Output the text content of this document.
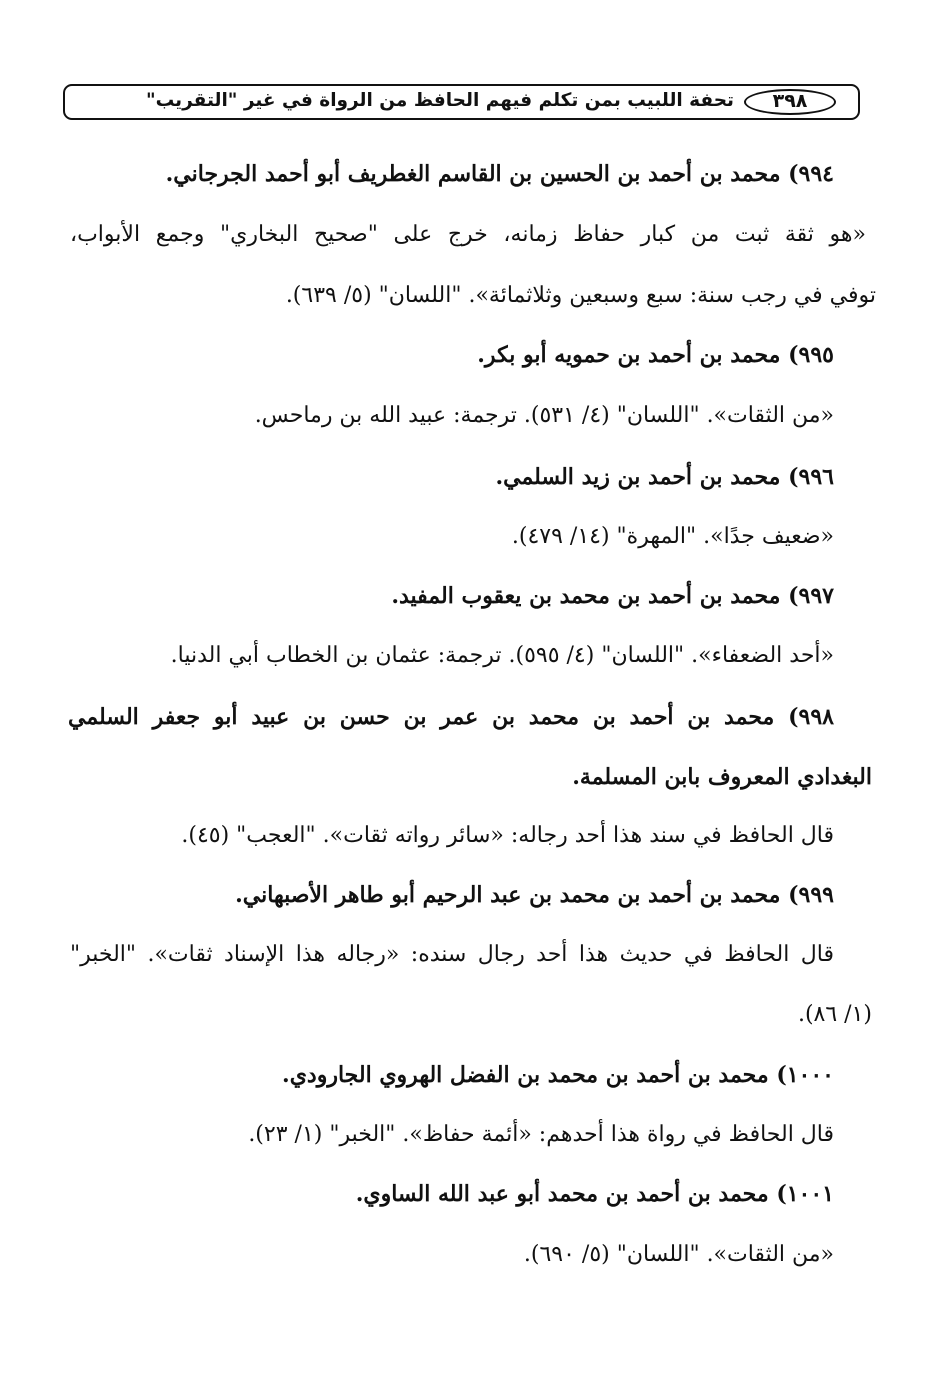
تحفة اللبيب بمن تكلم فيهم الحافظ من الرواة في غير "التقريب"	٣٩٨
٩٩٤) محمد بن أحمد بن الحسين بن القاسم الغطريف أبو أحمد الجرجاني.
«هو ثقة ثبت من كبار حفاظ زمانه، خرج على "صحيح البخاري" وجمع الأبواب،
توفي في رجب سنة: سبع وسبعين وثلاثمائة». "اللسان" (٥/ ٦٣٩).
٩٩٥) محمد بن أحمد بن حمويه أبو بكر.
«من الثقات». "اللسان" (٤/ ٥٣١). ترجمة: عبيد الله بن رماحس.
٩٩٦) محمد بن أحمد بن زيد السلمي.
«ضعيف جدًا». "المهرة" (١٤/ ٤٧٩).
٩٩٧) محمد بن أحمد بن محمد بن يعقوب المفيد.
«أحد الضعفاء». "اللسان" (٤/ ٥٩٥). ترجمة: عثمان بن الخطاب أبي الدنيا.
٩٩٨) محمد بن أحمد بن محمد بن عمر بن حسن بن عبيد أبو جعفر السلمي
البغدادي المعروف بابن المسلمة.
قال الحافظ في سند هذا أحد رجاله: «سائر رواته ثقات». "العجب" (٤٥).
٩٩٩) محمد بن أحمد بن محمد بن عبد الرحيم أبو طاهر الأصبهاني.
قال الحافظ في حديث هذا أحد رجال سنده: «رجاله هذا الإسناد ثقات». "الخبر"
(١/ ٨٦).
١٠٠٠) محمد بن أحمد بن محمد بن الفضل الهروي الجارودي.
قال الحافظ في رواة هذا أحدهم: «أئمة حفاظ». "الخبر" (١/ ٢٣).
١٠٠١) محمد بن أحمد بن محمد أبو عبد الله الساوي.
«من الثقات». "اللسان" (٥/ ٦٩٠).
